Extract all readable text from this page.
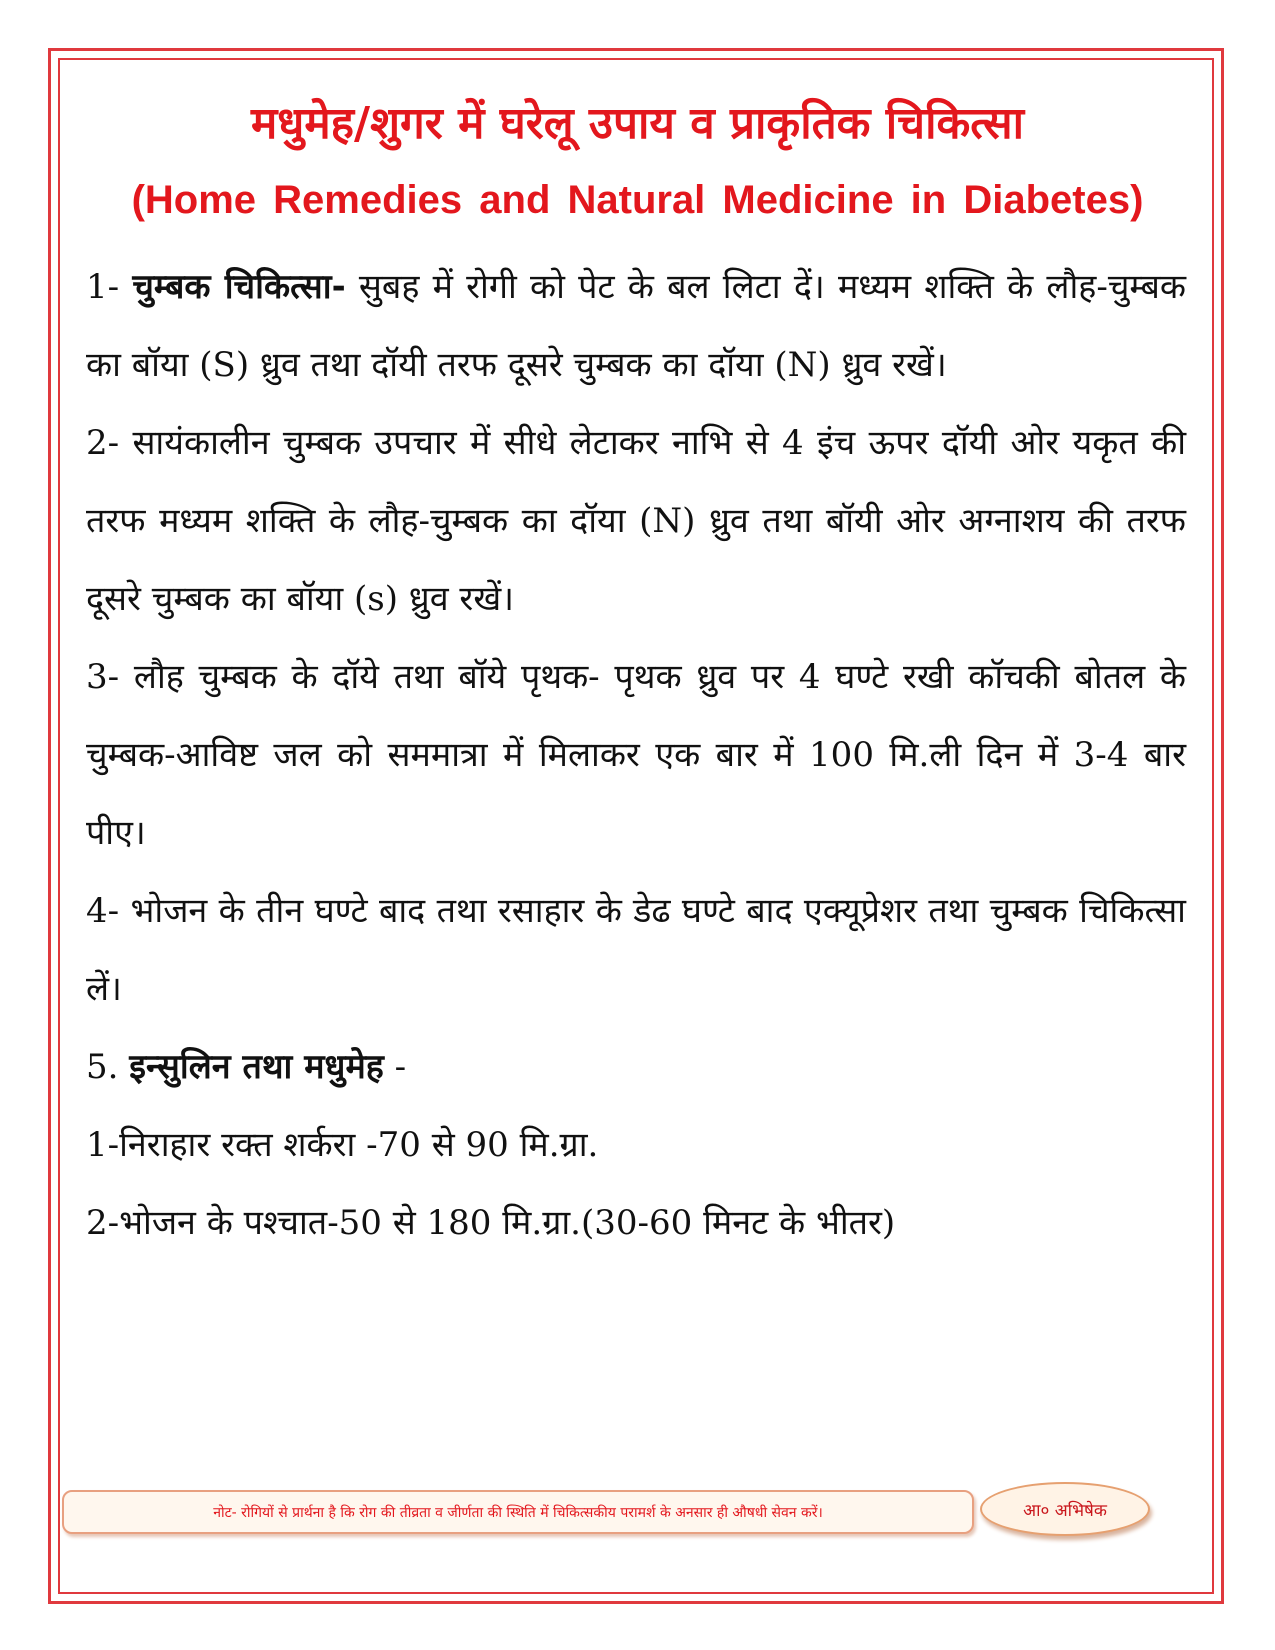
मधुमेह/शुगर में घरेलू उपाय व प्राकृतिक चिकित्सा
(Home Remedies and Natural Medicine in Diabetes)

1- चुम्बक चिकित्सा- सुबह में रोगी को पेट के बल लिटा दें। मध्यम शक्ति के लौह-चुम्बक का बॉया (S) ध्रुव तथा दॉयी तरफ दूसरे चुम्बक का दॉया (N) ध्रुव रखें।

2- सायंकालीन चुम्बक उपचार में सीधे लेटाकर नाभि से 4 इंच ऊपर दॉयी ओर यकृत की तरफ मध्यम शक्ति के लौह-चुम्बक का दॉया (N) ध्रुव तथा बॉयी ओर अग्नाशय की तरफ दूसरे चुम्बक का बॉया (s) ध्रुव रखें।

3- लौह चुम्बक के दॉये तथा बॉये पृथक- पृथक ध्रुव पर 4 घण्टे रखी कॉचकी बोतल के चुम्बक-आविष्ट जल को सममात्रा में मिलाकर एक बार में 100 मि.ली दिन में 3-4 बार पीए।

4- भोजन के तीन घण्टे बाद तथा रसाहार के डेढ घण्टे बाद एक्यूप्रेशर तथा चुम्बक चिकित्सा लें।

5. इन्सुलिन तथा मधुमेह -

1-निराहार रक्त शर्करा -70 से 90 मि.ग्रा.

2-भोजन के पश्चात-50 से 180 मि.ग्रा.(30-60 मिनट के भीतर)

नोट- रोगियों से प्रार्थना है कि रोग की तीव्रता व जीर्णता की स्थिति में चिकित्सकीय परामर्श के अनसार ही औषधी सेवन करें।	आ० अभिषेक
